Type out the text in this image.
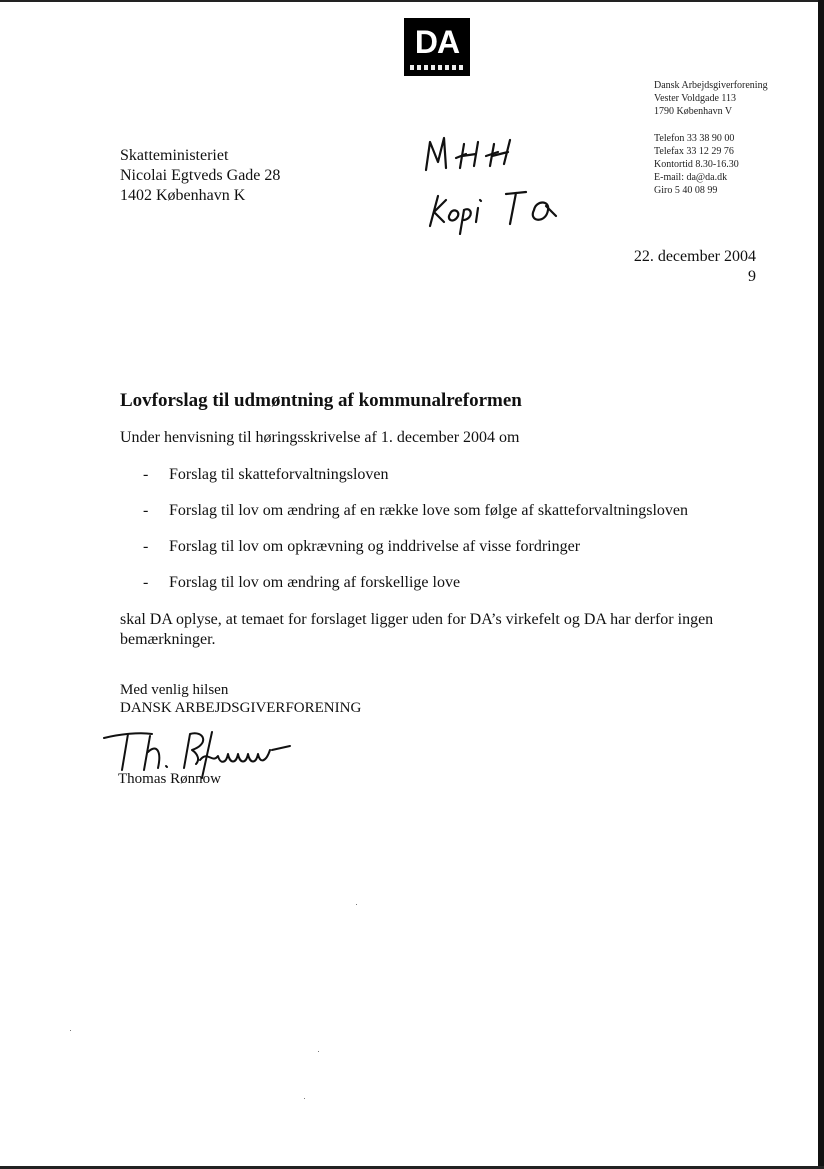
DA
Dansk Arbejdsgiverforening
Vester Voldgade 113
1790 København V
Telefon 33 38 90 00
Telefax 33 12 29 76
Kontortid 8.30-16.30
E-mail: da@da.dk
Giro 5 40 08 99
Skatteministeriet
Nicolai Egtveds Gade 28
1402 København K
22. december 2004
9
Lovforslag til udmøntning af kommunalreformen
Under henvisning til høringsskrivelse af 1. december 2004 om
- Forslag til skatteforvaltningsloven
- Forslag til lov om ændring af en række love som følge af skatteforvaltningsloven
- Forslag til lov om opkrævning og inddrivelse af visse fordringer
- Forslag til lov om ændring af forskellige love
skal DA oplyse, at temaet for forslaget ligger uden for DA’s virkefelt og DA har derfor ingen bemærkninger.
Med venlig hilsen
DANSK ARBEJDSGIVERFORENING
Thomas Rønnow
